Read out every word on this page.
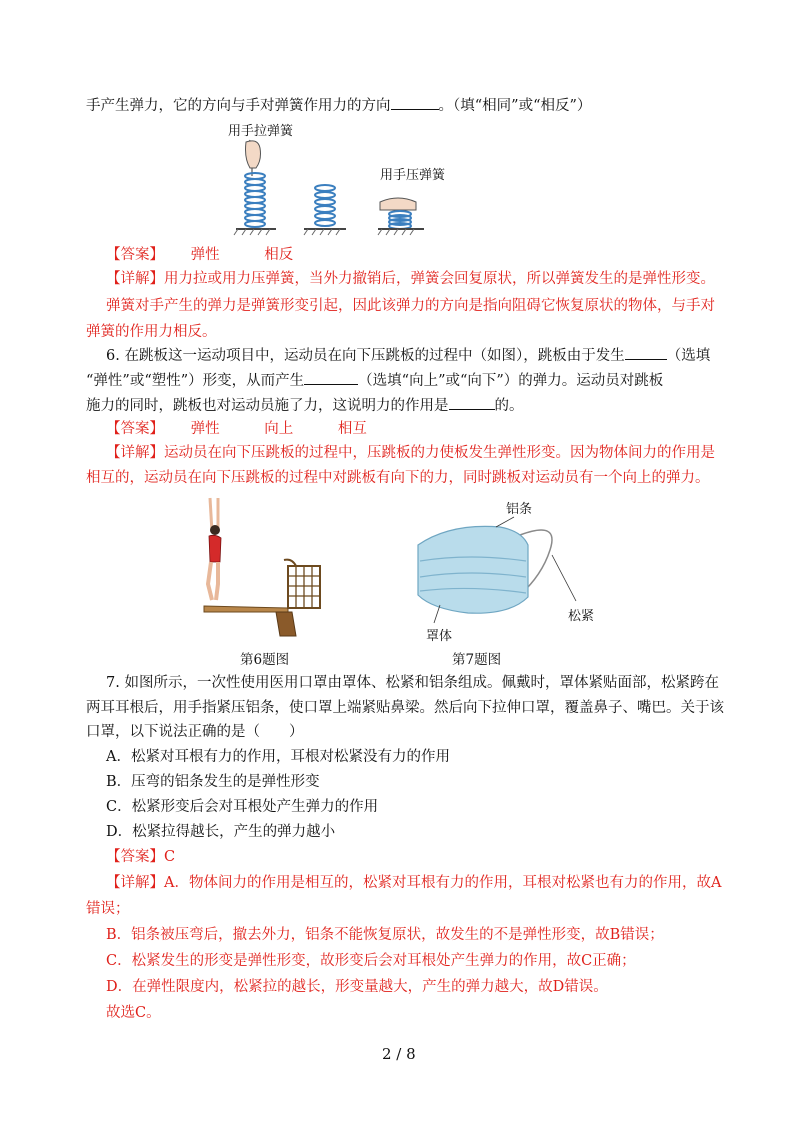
手产生弹力，它的方向与手对弹簧作用力的方向	。（填“相同”或“相反”）
用手拉弹簧
用手压弹簧
【答案】 弹性	相反
【详解】用力拉或用力压弹簧，当外力撤销后，弹簧会回复原状，所以弹簧发生的是弹性形变。
弹簧对手产生的弹力是弹簧形变引起，因此该弹力的方向是指向阻碍它恢复原状的物体，与手对
弹簧的作用力相反。
6. 在跳板这一运动项目中，运动员在向下压跳板的过程中（如图），跳板由于发生	（选填
“弹性”或“塑性”）形变，从而产生	（选填“向上”或“向下”）的弹力。运动员对跳板
施力的同时，跳板也对运动员施了力，这说明力的作用是	的。
【答案】 弹性	向上	相互
【详解】运动员在向下压跳板的过程中，压跳板的力使板发生弹性形变。因为物体间力的作用是
相互的，运动员在向下压跳板的过程中对跳板有向下的力，同时跳板对运动员有一个向上的弹力。
铝条
松紧
罩体
第6题图	第7题图
7. 如图所示，一次性使用医用口罩由罩体、松紧和铝条组成。佩戴时，罩体紧贴面部，松紧跨在
两耳耳根后，用手指紧压铝条，使口罩上端紧贴鼻梁。然后向下拉伸口罩，覆盖鼻子、嘴巴。关于该
口罩，以下说法正确的是（　　）
A．松紧对耳根有力的作用，耳根对松紧没有力的作用
B．压弯的铝条发生的是弹性形变
C．松紧形变后会对耳根处产生弹力的作用
D．松紧拉得越长，产生的弹力越小
【答案】C
【详解】A．物体间力的作用是相互的，松紧对耳根有力的作用，耳根对松紧也有力的作用，故A
错误；
B．铝条被压弯后，撤去外力，铝条不能恢复原状，故发生的不是弹性形变，故B错误；
C．松紧发生的形变是弹性形变，故形变后会对耳根处产生弹力的作用，故C正确；
D．在弹性限度内，松紧拉的越长，形变量越大，产生的弹力越大，故D错误。
故选C。
2 / 8
